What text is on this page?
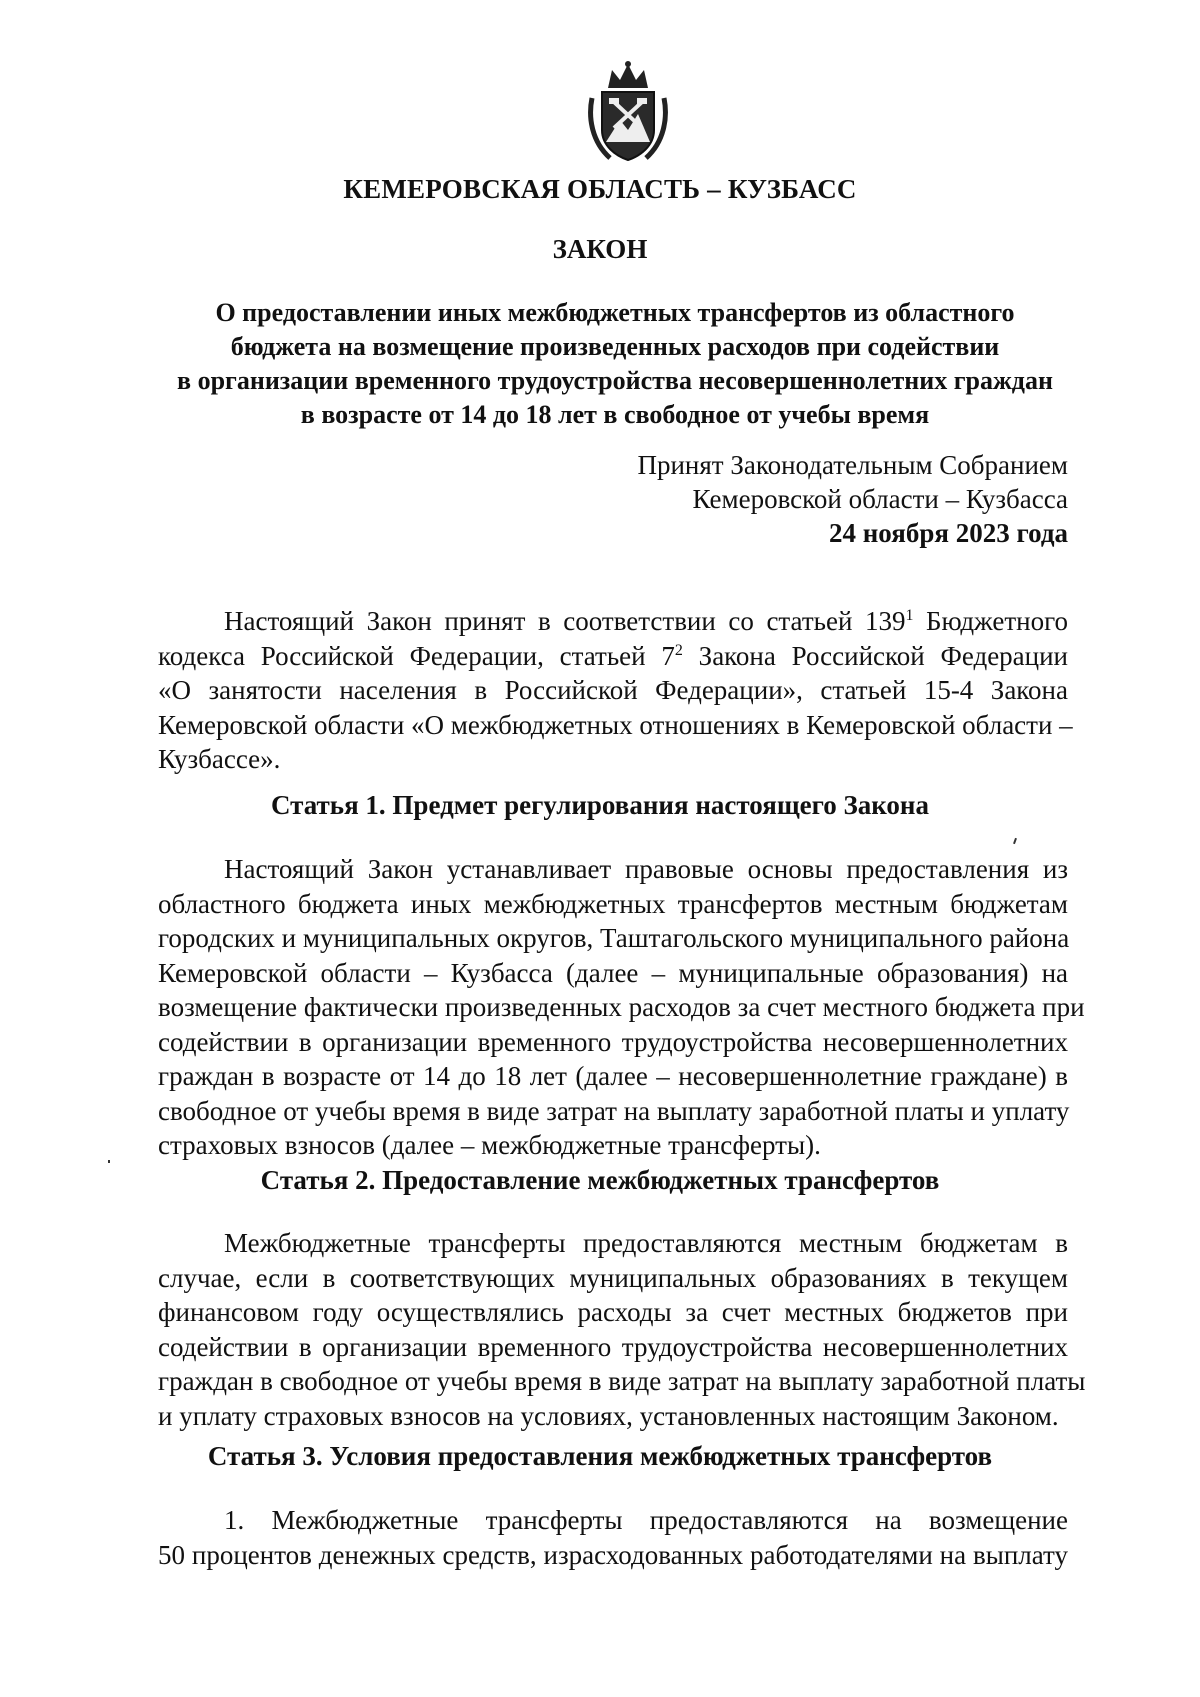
КЕМЕРОВСКАЯ ОБЛАСТЬ – КУЗБАСС
ЗАКОН
О предоставлении иных межбюджетных трансфертов из областного
бюджета на возмещение произведенных расходов при содействии
в организации временного трудоустройства несовершеннолетних граждан
в возрасте от 14 до 18 лет в свободное от учебы время
Принят Законодательным Собранием
Кемеровской области – Кузбасса
24 ноября 2023 года
Настоящий Закон принят в соответствии со статьей $139^1$ Бюджетного
кодекса Российской Федерации, статьей $7^2$ Закона Российской Федерации
«О занятости населения в Российской Федерации», статьей 15-4 Закона
Кемеровской области «О межбюджетных отношениях в Кемеровской области –
Кузбассе».
Статья 1. Предмет регулирования настоящего Закона
Настоящий Закон устанавливает правовые основы предоставления из
областного бюджета иных межбюджетных трансфертов местным бюджетам
городских и муниципальных округов, Таштагольского муниципального района
Кемеровской области – Кузбасса (далее – муниципальные образования) на
возмещение фактически произведенных расходов за счет местного бюджета при
содействии в организации временного трудоустройства несовершеннолетних
граждан в возрасте от 14 до 18 лет (далее – несовершеннолетние граждане) в
свободное от учебы время в виде затрат на выплату заработной платы и уплату
страховых взносов (далее – межбюджетные трансферты).
Статья 2. Предоставление межбюджетных трансфертов
Межбюджетные трансферты предоставляются местным бюджетам в
случае, если в соответствующих муниципальных образованиях в текущем
финансовом году осуществлялись расходы за счет местных бюджетов при
содействии в организации временного трудоустройства несовершеннолетних
граждан в свободное от учебы время в виде затрат на выплату заработной платы
и уплату страховых взносов на условиях, установленных настоящим Законом.
Статья 3. Условия предоставления межбюджетных трансфертов
1. Межбюджетные трансферты предоставляются на возмещение
50 процентов денежных средств, израсходованных работодателями на выплату
